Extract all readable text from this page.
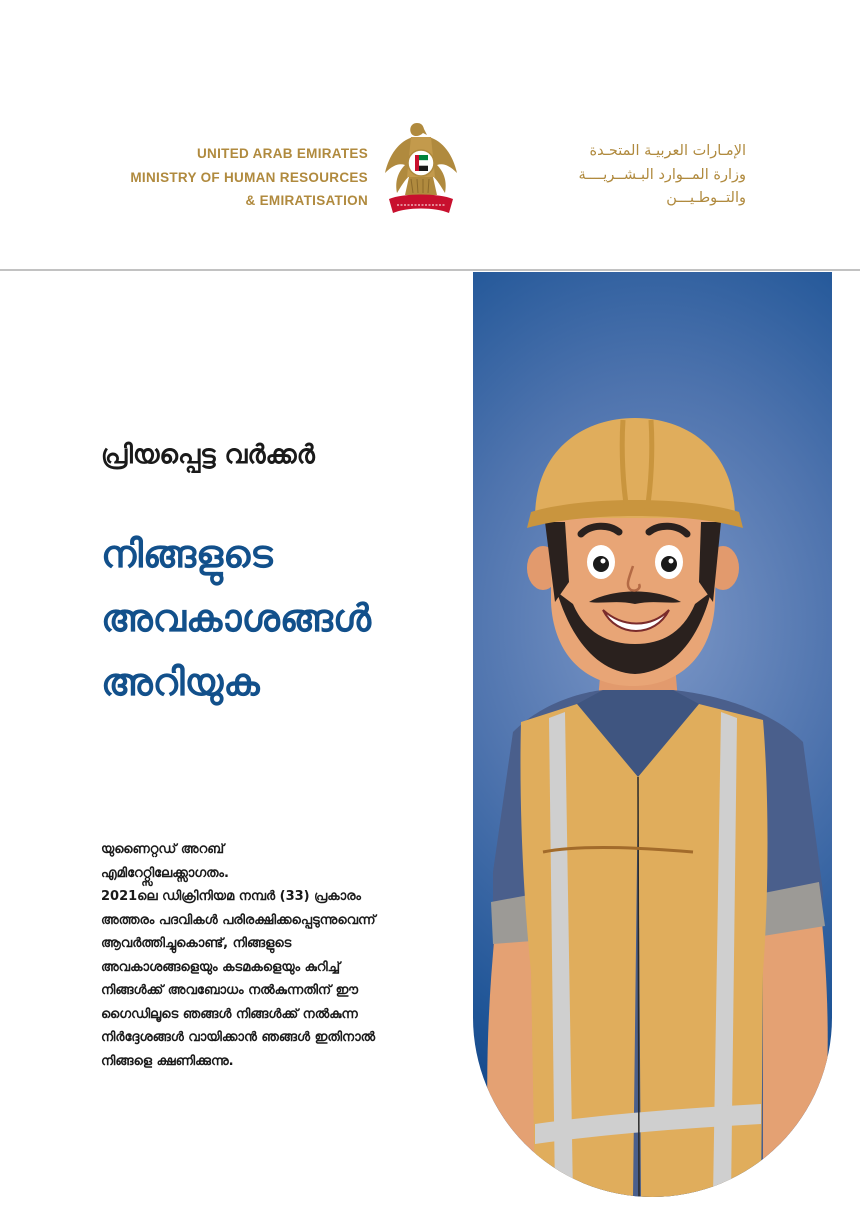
UNITED ARAB EMIRATES
MINISTRY OF HUMAN RESOURCES
& EMIRATISATION
الإمـارات العربيـة المتحـدة
وزارة المــوارد البـشــريــــة
والتــوطـيـــن
പ്രിയപ്പെട്ട വർക്കർ
നിങ്ങളുടെ
അവകാശങ്ങൾ
അറിയുക
യുണൈറ്റഡ് അറബ്
എമിറേറ്റ്സിലേക്ക്സാഗതം.
2021ലെ ഡിക്രിനിയമ നമ്പർ (33) പ്രകാരം
അത്തരം പദവികൾ പരിരക്ഷിക്കപ്പെടുന്നുവെന്ന്
ആവർത്തിച്ചുകൊണ്ട്, നിങ്ങളുടെ
അവകാശങ്ങളെയും കടമകളെയും കുറിച്ച്
നിങ്ങൾക്ക് അവബോധം നൽകുന്നതിന് ഈ
ഗൈഡിലൂടെ ഞങ്ങൾ നിങ്ങൾക്ക് നൽകുന്ന
നിർദ്ദേശങ്ങൾ വായിക്കാൻ ഞങ്ങൾ ഇതിനാൽ
നിങ്ങളെ ക്ഷണിക്കുന്നു.
